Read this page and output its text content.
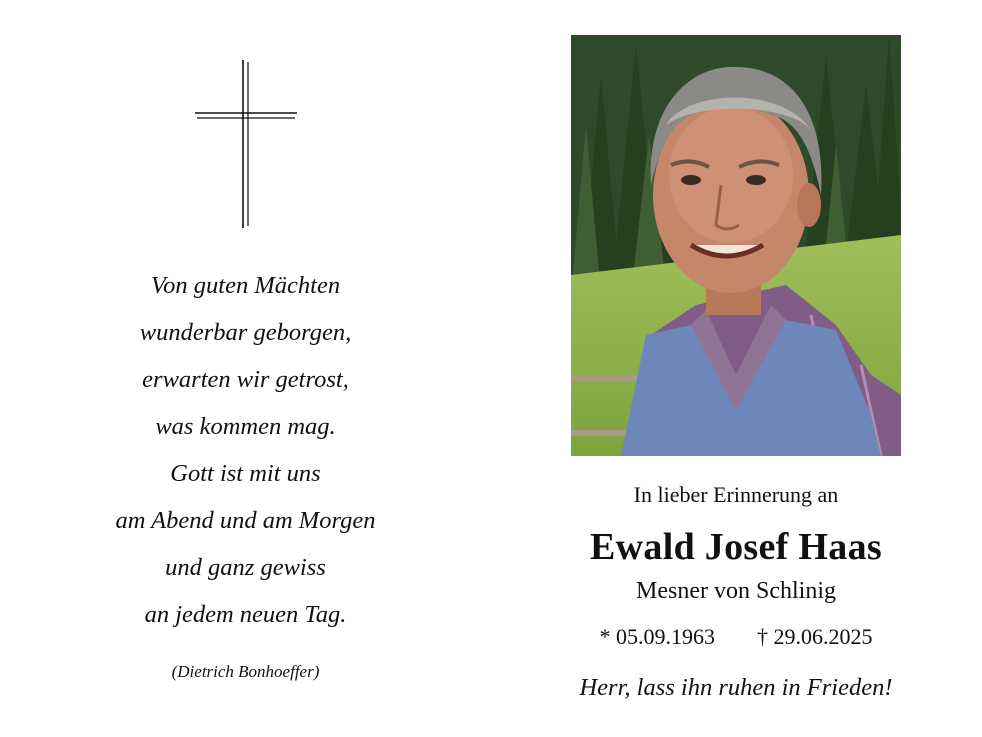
Von guten Mächten
wunderbar geborgen,
erwarten wir getrost,
was kommen mag.
Gott ist mit uns
am Abend und am Morgen
und ganz gewiss
an jedem neuen Tag.
(Dietrich Bonhoeffer)
In lieber Erinnerung an
Ewald Josef Haas
Mesner von Schlinig
* 05.09.1963 † 29.06.2025
Herr, lass ihn ruhen in Frieden!
